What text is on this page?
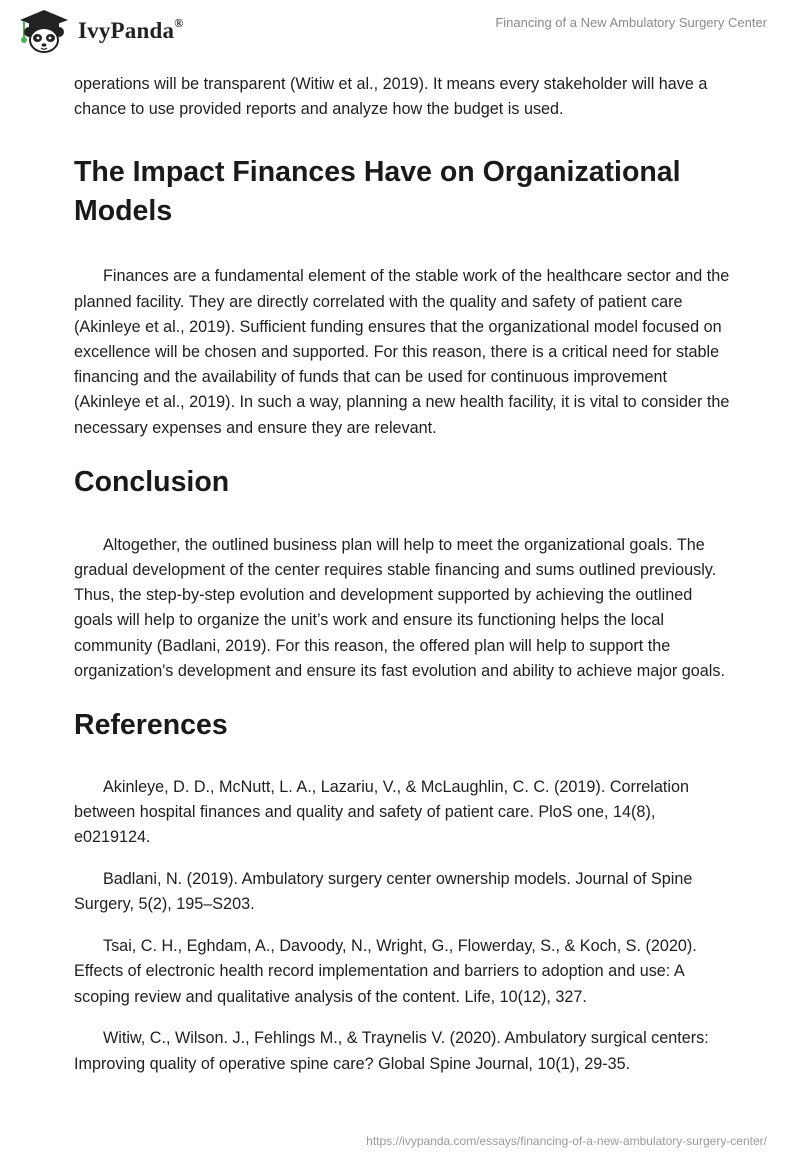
IvyPanda®	Financing of a New Ambulatory Surgery Center

operations will be transparent (Witiw et al., 2019). It means every stakeholder will have a chance to use provided reports and analyze how the budget is used.

The Impact Finances Have on Organizational Models

Finances are a fundamental element of the stable work of the healthcare sector and the planned facility. They are directly correlated with the quality and safety of patient care (Akinleye et al., 2019). Sufficient funding ensures that the organizational model focused on excellence will be chosen and supported. For this reason, there is a critical need for stable financing and the availability of funds that can be used for continuous improvement (Akinleye et al., 2019). In such a way, planning a new health facility, it is vital to consider the necessary expenses and ensure they are relevant.

Conclusion

Altogether, the outlined business plan will help to meet the organizational goals. The gradual development of the center requires stable financing and sums outlined previously. Thus, the step-by-step evolution and development supported by achieving the outlined goals will help to organize the unit’s work and ensure its functioning helps the local community (Badlani, 2019). For this reason, the offered plan will help to support the organization's development and ensure its fast evolution and ability to achieve major goals.

References

Akinleye, D. D., McNutt, L. A., Lazariu, V., & McLaughlin, C. C. (2019). Correlation between hospital finances and quality and safety of patient care. PloS one, 14(8), e0219124.

Badlani, N. (2019). Ambulatory surgery center ownership models. Journal of Spine Surgery, 5(2), 195–S203.

Tsai, C. H., Eghdam, A., Davoody, N., Wright, G., Flowerday, S., & Koch, S. (2020). Effects of electronic health record implementation and barriers to adoption and use: A scoping review and qualitative analysis of the content. Life, 10(12), 327.

Witiw, C., Wilson. J., Fehlings M., & Traynelis V. (2020). Ambulatory surgical centers: Improving quality of operative spine care? Global Spine Journal, 10(1), 29-35.

https://ivypanda.com/essays/financing-of-a-new-ambulatory-surgery-center/
